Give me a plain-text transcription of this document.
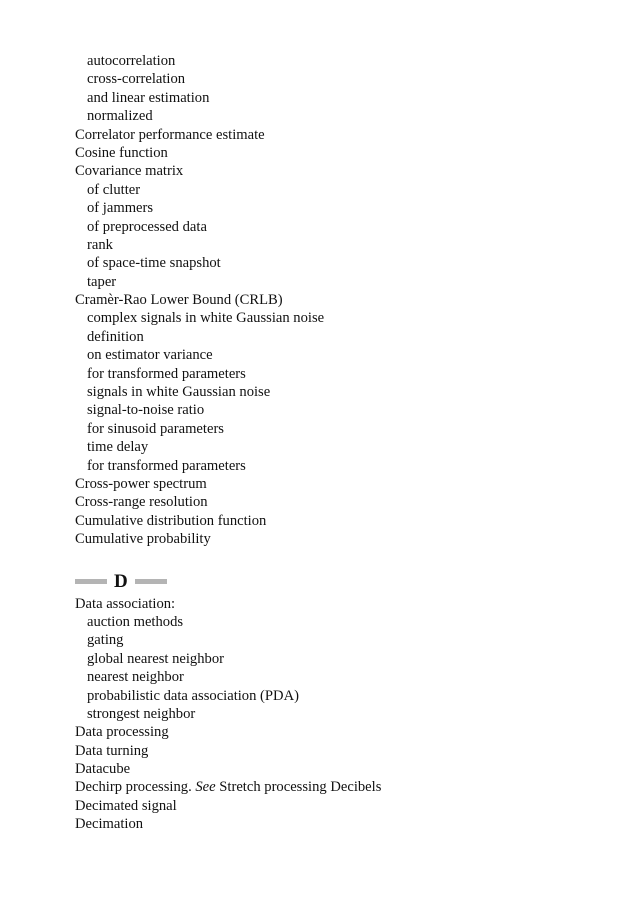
autocorrelation
cross-correlation
and linear estimation
normalized
Correlator performance estimate
Cosine function
Covariance matrix
of clutter
of jammers
of preprocessed data
rank
of space-time snapshot
taper
Cramèr-Rao Lower Bound (CRLB)
complex signals in white Gaussian noise
definition
on estimator variance
for transformed parameters
signals in white Gaussian noise
signal-to-noise ratio
for sinusoid parameters
time delay
for transformed parameters
Cross-power spectrum
Cross-range resolution
Cumulative distribution function
Cumulative probability
D
Data association:
auction methods
gating
global nearest neighbor
nearest neighbor
probabilistic data association (PDA)
strongest neighbor
Data processing
Data turning
Datacube
Dechirp processing. See Stretch processing Decibels
Decimated signal
Decimation
